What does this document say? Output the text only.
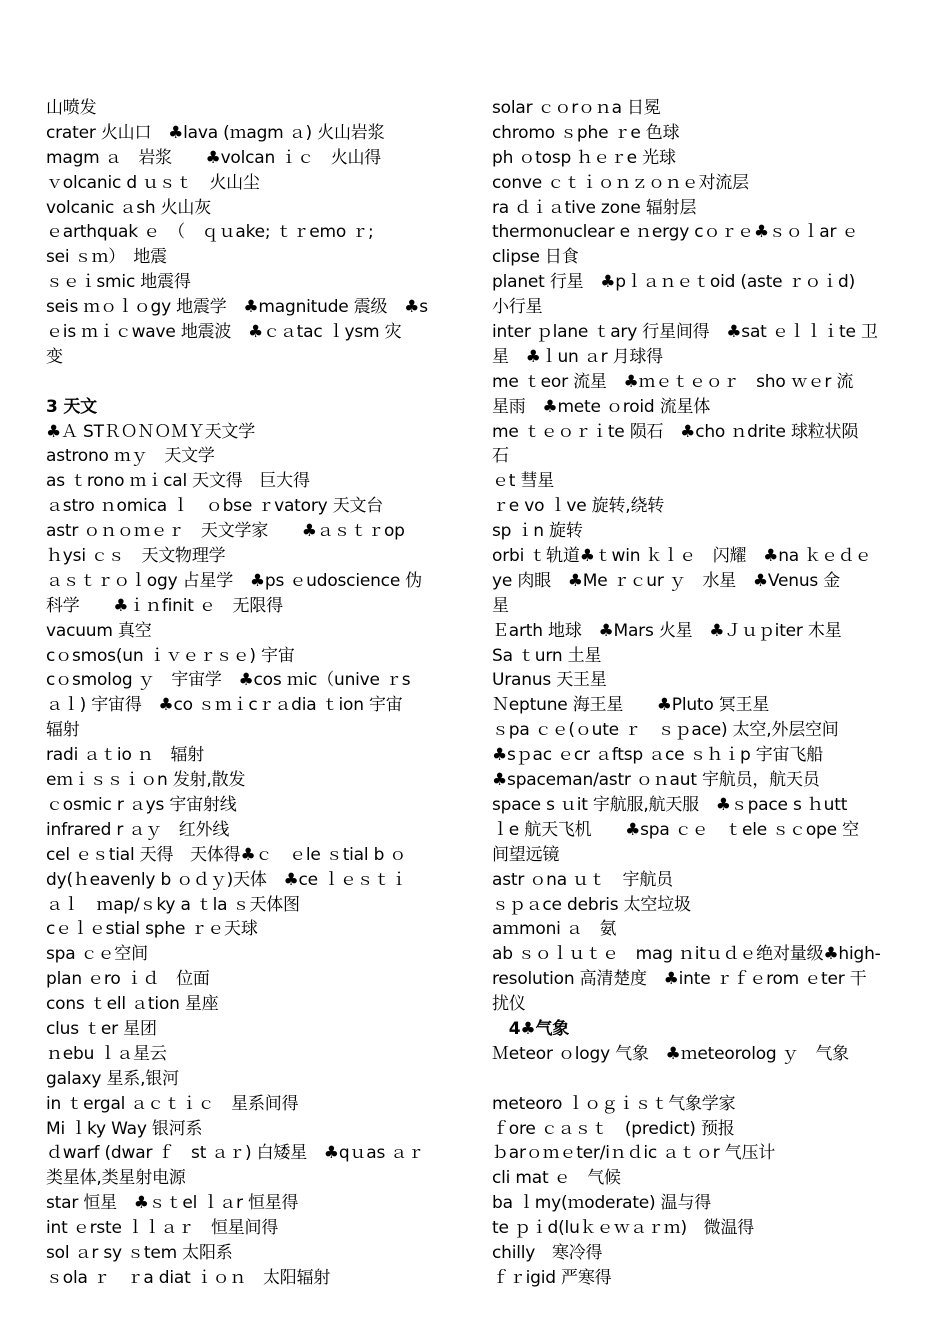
山喷发
crater 火山口　♣lava (ｍagm ａ) 火山岩浆
magm ａ　岩浆　　♣volcan ｉｃ　火山得
ｖolcanic d ｕｓｔ　火山尘
volcanic ａsh 火山灰
ｅarthquak ｅ　（　ｑｕake; ｔｒemo ｒ;
sei ｓｍ）　地震
ｓｅｉsmic 地震得
seis ｍｏｌｏgy 地震学　♣magnitude 震级　♣s
ｅis ｍｉｃwave 地震波　♣ｃａtac ｌysm 灾
变
3 天文
♣Ａ STＲＯＮＯＭＹ天文学
astrono ｍｙ　天文学
as ｔrono ｍｉcal 天文得　巨大得
ａstro ｎomica ｌ　ｏbse ｒvatory 天文台
astr ｏｎｏｍｅｒ　天文学家　　♣ａｓｔｒop
ｈysi ｃｓ　天文物理学
ａｓｔｒｏｌogy 占星学　♣ps ｅudoscience 伪
科学　　♣ｉｎfinit ｅ　无限得
vacuum 真空
cｏsmos(un ｉｖｅｒｓｅ) 宇宙
cｏsmolog ｙ　宇宙学　♣cos ｍic（unive ｒs
ａｌ) 宇宙得　♣co ｓｍｉcｒａdia ｔion 宇宙
辐射
radi ａｔio ｎ　辐射
eｍｉｓｓｉｏn 发射,散发
ｃosmic r ａys 宇宙射线
infrared r ａｙ　红外线
cel ｅｓtial 天得　天体得♣ｃ　ｅle ｓtial b ｏ
dy(ｈeavenly b ｏｄｙ)天体　♣ce ｌｅｓｔｉ
ａｌ　ｍap/ｓky a ｔla ｓ天体图
cｅｌｅstial sphe ｒｅ天球
spa ｃｅ空间
plan ｅro ｉｄ　位面
cons ｔell ａtion 星座
clus ｔer 星团
ｎebu ｌａ星云
galaxy 星系,银河
in ｔergal ａｃｔｉｃ　星系间得
Mi ｌky Way 银河系
ｄwarf (dwar ｆ　st ａｒ) 白矮星　♣qｕas ａｒ
类星体,类星射电源
star 恒星　♣ｓｔel ｌａr 恒星得
int ｅrste ｌｌａｒ　恒星间得
sol ａr sy ｓtem 太阳系
ｓola ｒ　ｒa diat ｉｏｎ　太阳辐射
solar ｃｏrｏｎa 日冕
chromo ｓphe ｒe 色球
ph ｏtosp ｈｅｒe 光球
conve ｃｔｉｏｎｚｏｎｅ对流层
ra ｄｉａtive zone 辐射层
thermonuclear e ｎergy cｏｒｅ♣ｓｏｌar ｅ
clipse 日食
planet 行星　♣pｌａｎｅｔoid (aste ｒｏｉd)
小行星
inter ｐlane ｔary 行星间得　♣sat ｅｌｌｉte 卫
星　♣ｌun ａr 月球得
me ｔeor 流星　♣ｍｅｔｅｏｒ　sho ｗｅr 流
星雨　♣mete ｏroid 流星体
me ｔｅｏｒｉte 陨石　♣cho ｎdrite 球粒状陨
石
ｅt 彗星
ｒe vo ｌve 旋转,绕转
sp ｉn 旋转
orbi ｔ轨道♣ｔwin ｋｌｅ　闪耀　♣na ｋｅｄｅ
ye 肉眼　♣Me ｒｃur ｙ　水星　♣Venus 金
星
Ｅarth 地球　♣Mars 火星　♣Ｊｕｐiter 木星
Sa ｔurn 土星
Uranus 天王星
Ｎeptune 海王星　　♣Pluto 冥王星
ｓpa ｃｅ(ｏute ｒ　ｓｐace) 太空,外层空间
♣sｐac ｅcr ａftsp ａce ｓｈｉp 宇宙飞船
♣spaceman/astr ｏｎaut 宇航员，航天员
space s ｕit 宇航服,航天服　♣ｓpace s ｈutt
ｌe 航天飞机　　♣spa ｃｅ　ｔele ｓｃope 空
间望远镜
astr ｏna ｕｔ　宇航员
ｓｐａce debris 太空垃圾
aｍmoni ａ　氨
ab ｓｏｌｕｔｅ　mag ｎitｕｄｅ绝对量级♣high-
resolution 高清楚度　♣inte ｒｆｅrom ｅter 干
扰仪
　4♣气象
Ｍeteor ｏlogy 气象　♣ｍeteorolog ｙ　气象
meteoro ｌｏｇｉｓｔ气象学家
ｆore ｃａｓｔ　(predict) 预报
ｂarｏｍｅter/iｎｄic ａｔｏr 气压计
cli mat ｅ　气候
ba ｌmy(ｍoderate) 温与得
te ｐｉd(luｋｅｗａｒｍ)　微温得
chilly　寒冷得
ｆｒigid 严寒得
